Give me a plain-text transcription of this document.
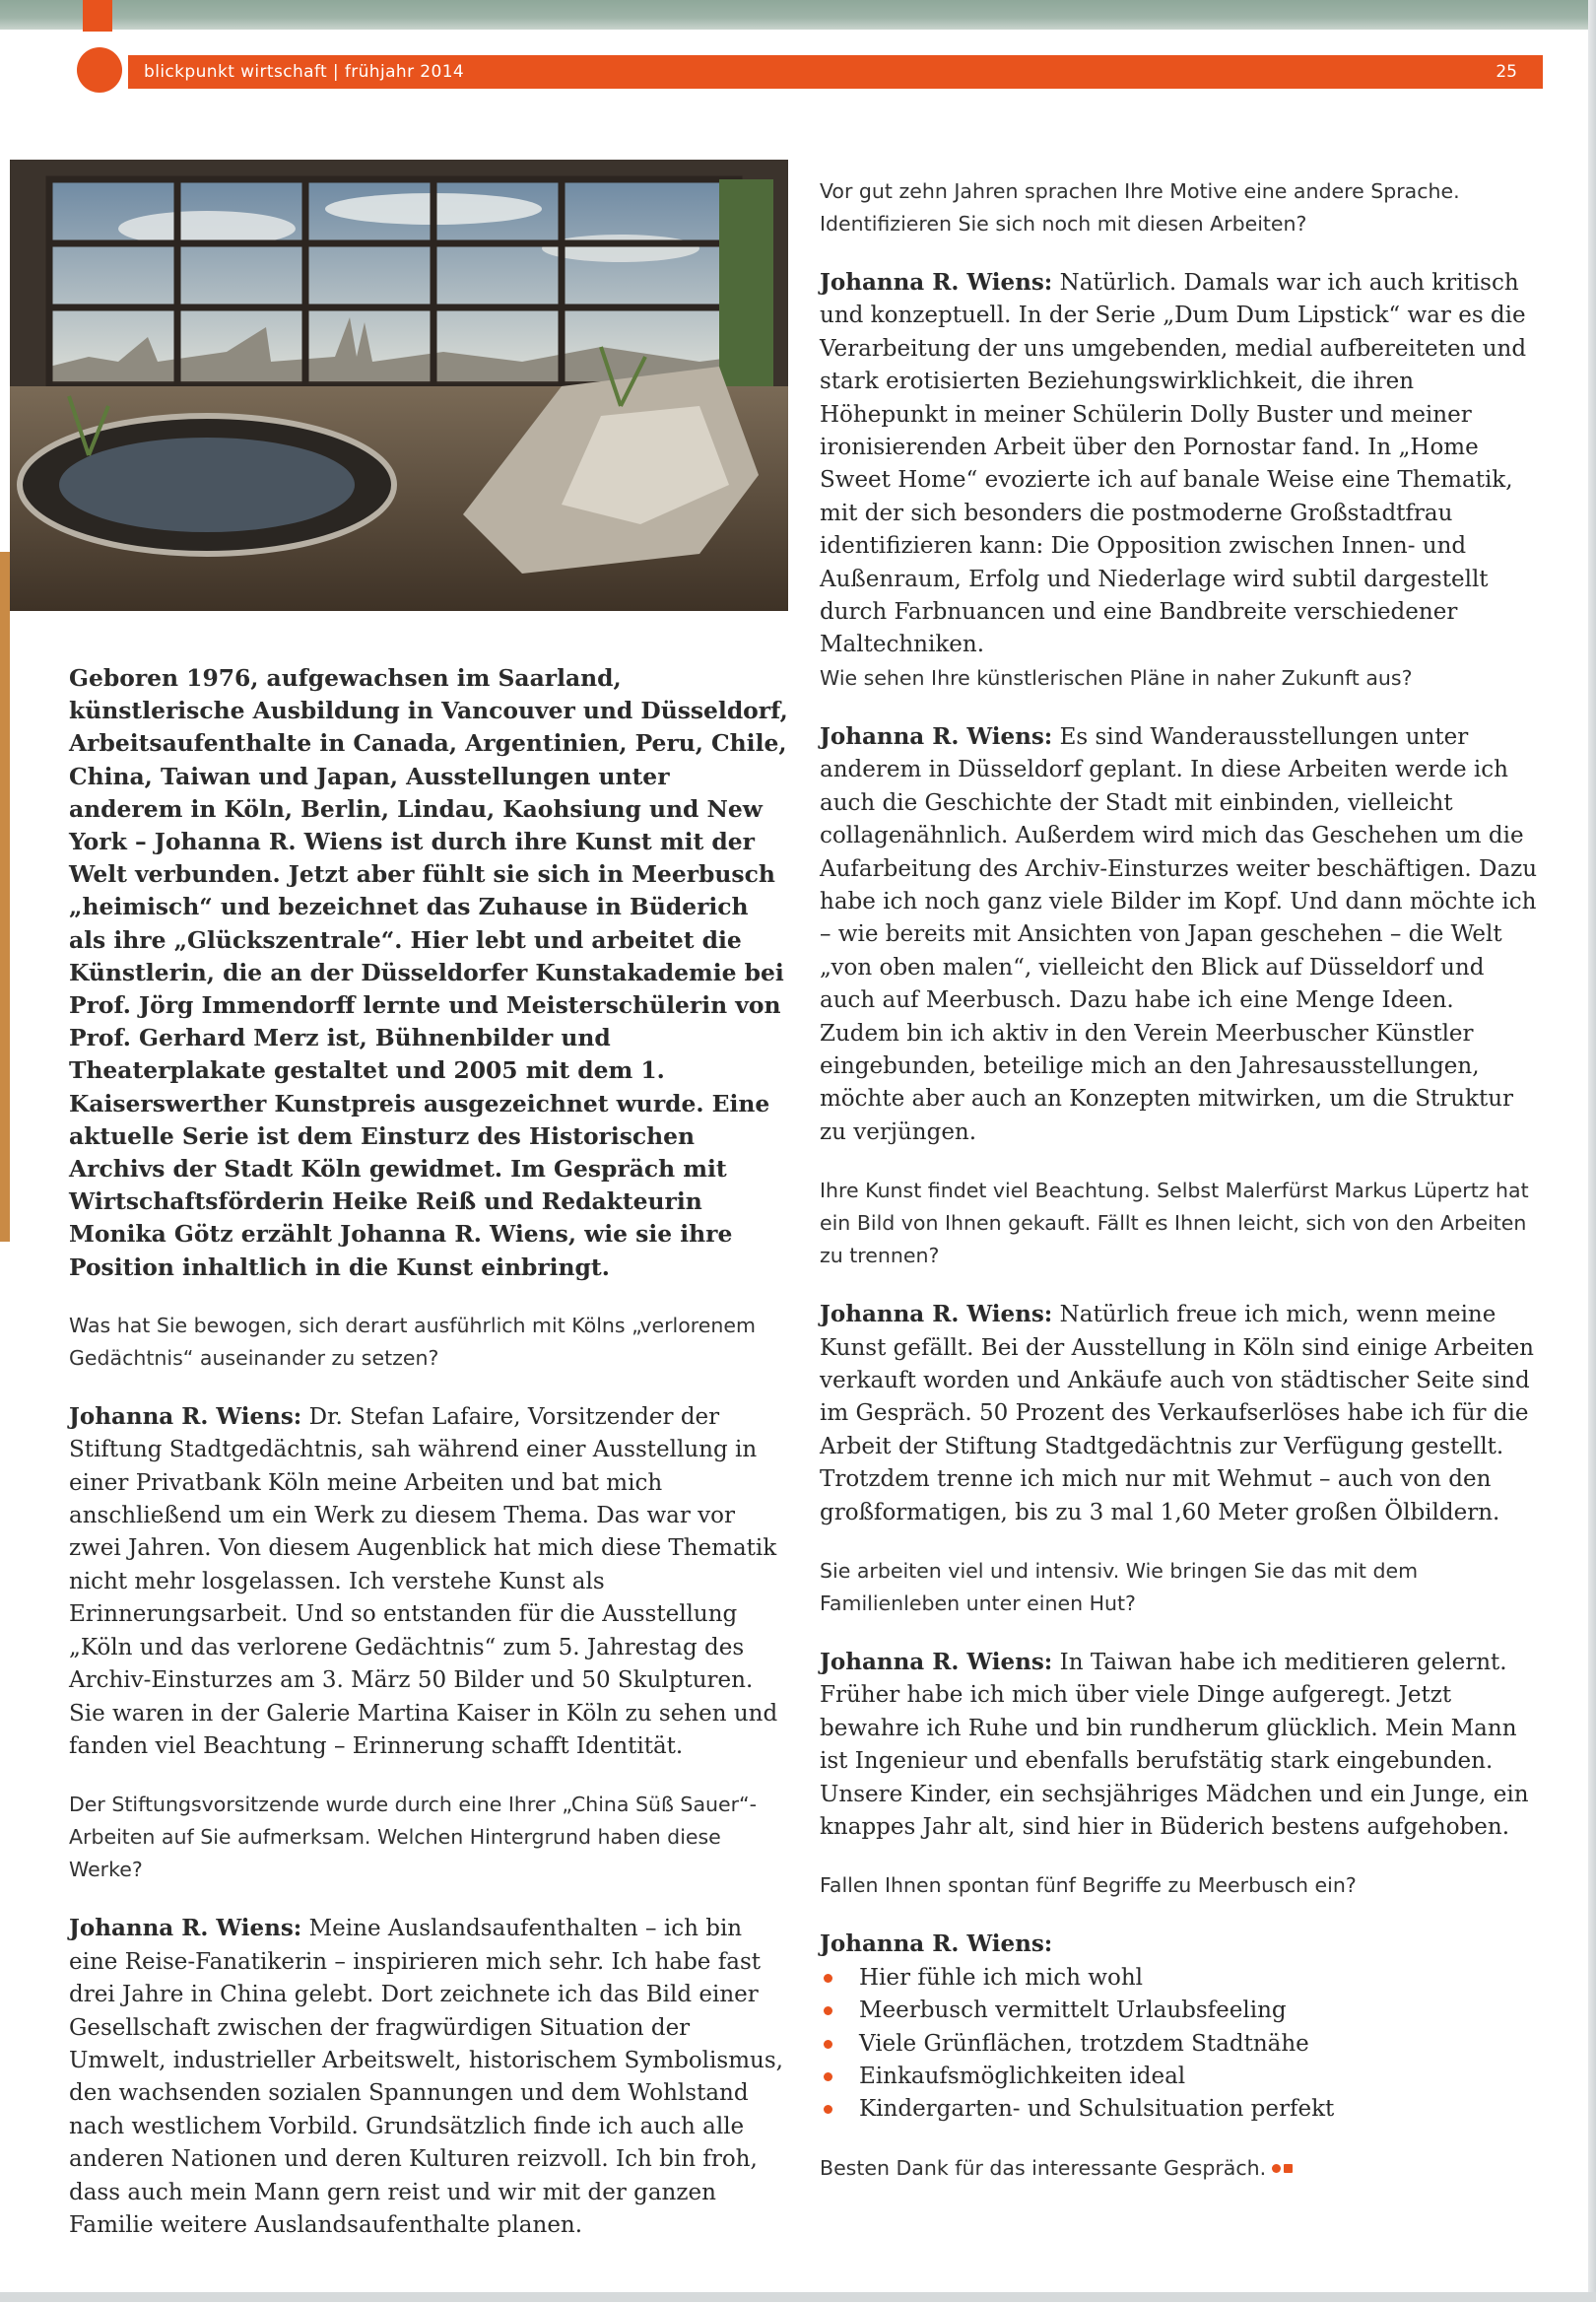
blickpunkt wirtschaft | frühjahr 2014	25

Geboren 1976, aufgewachsen im Saarland, künstlerische Ausbildung in Vancouver und Düsseldorf, Arbeitsaufenthalte in Canada, Argentinien, Peru, Chile, China, Taiwan und Japan, Ausstellungen unter anderem in Köln, Berlin, Lindau, Kaohsiung und New York – Johanna R. Wiens ist durch ihre Kunst mit der Welt verbunden. Jetzt aber fühlt sie sich in Meerbusch „heimisch“ und bezeichnet das Zuhause in Büderich als ihre „Glückszentrale“. Hier lebt und arbeitet die Künstlerin, die an der Düsseldorfer Kunstakademie bei Prof. Jörg Immendorff lernte und Meisterschülerin von Prof. Gerhard Merz ist, Bühnenbilder und Theaterplakate gestaltet und 2005 mit dem 1. Kaiserswerther Kunstpreis ausgezeichnet wurde. Eine aktuelle Serie ist dem Einsturz des Historischen Archivs der Stadt Köln gewidmet. Im Gespräch mit Wirtschaftsförderin Heike Reiß und Redakteurin Monika Götz erzählt Johanna R. Wiens, wie sie ihre Position inhaltlich in die Kunst einbringt.

Was hat Sie bewogen, sich derart ausführlich mit Kölns „verlorenem Gedächtnis“ auseinander zu setzen?

Johanna R. Wiens: Dr. Stefan Lafaire, Vorsitzender der Stiftung Stadtgedächtnis, sah während einer Ausstellung in einer Privatbank Köln meine Arbeiten und bat mich anschließend um ein Werk zu diesem Thema. Das war vor zwei Jahren. Von diesem Augenblick hat mich diese Thematik nicht mehr losgelassen. Ich verstehe Kunst als Erinnerungsarbeit. Und so entstanden für die Ausstellung „Köln und das verlorene Gedächtnis“ zum 5. Jahrestag des Archiv-Einsturzes am 3. März 50 Bilder und 50 Skulpturen. Sie waren in der Galerie Martina Kaiser in Köln zu sehen und fanden viel Beachtung – Erinnerung schafft Identität.

Der Stiftungsvorsitzende wurde durch eine Ihrer „China Süß Sauer“-Arbeiten auf Sie aufmerksam. Welchen Hintergrund haben diese Werke?

Johanna R. Wiens: Meine Auslandsaufenthalten – ich bin eine Reise-Fanatikerin – inspirieren mich sehr. Ich habe fast drei Jahre in China gelebt. Dort zeichnete ich das Bild einer Gesellschaft zwischen der fragwürdigen Situation der Umwelt, industrieller Arbeitswelt, historischem Symbolismus, den wachsenden sozialen Spannungen und dem Wohlstand nach westlichem Vorbild. Grundsätzlich finde ich auch alle anderen Nationen und deren Kulturen reizvoll. Ich bin froh, dass auch mein Mann gern reist und wir mit der ganzen Familie weitere Auslandsaufenthalte planen.

Vor gut zehn Jahren sprachen Ihre Motive eine andere Sprache. Identifizieren Sie sich noch mit diesen Arbeiten?

Johanna R. Wiens: Natürlich. Damals war ich auch kritisch und konzeptuell. In der Serie „Dum Dum Lipstick“ war es die Verarbeitung der uns umgebenden, medial aufbereiteten und stark erotisierten Beziehungswirklichkeit, die ihren Höhepunkt in meiner Schülerin Dolly Buster und meiner ironisierenden Arbeit über den Pornostar fand. In „Home Sweet Home“ evozierte ich auf banale Weise eine Thematik, mit der sich besonders die postmoderne Großstadtfrau identifizieren kann: Die Opposition zwischen Innen- und Außenraum, Erfolg und Niederlage wird subtil dargestellt durch Farbnuancen und eine Bandbreite verschiedener Maltechniken.

Wie sehen Ihre künstlerischen Pläne in naher Zukunft aus?

Johanna R. Wiens: Es sind Wanderausstellungen unter anderem in Düsseldorf geplant. In diese Arbeiten werde ich auch die Geschichte der Stadt mit einbinden, vielleicht collagenähnlich. Außerdem wird mich das Geschehen um die Aufarbeitung des Archiv-Einsturzes weiter beschäftigen. Dazu habe ich noch ganz viele Bilder im Kopf. Und dann möchte ich – wie bereits mit Ansichten von Japan geschehen – die Welt „von oben malen“, vielleicht den Blick auf Düsseldorf und auch auf Meerbusch. Dazu habe ich eine Menge Ideen. Zudem bin ich aktiv in den Verein Meerbuscher Künstler eingebunden, beteilige mich an den Jahresausstellungen, möchte aber auch an Konzepten mitwirken, um die Struktur zu verjüngen.

Ihre Kunst findet viel Beachtung. Selbst Malerfürst Markus Lüpertz hat ein Bild von Ihnen gekauft. Fällt es Ihnen leicht, sich von den Arbeiten zu trennen?

Johanna R. Wiens: Natürlich freue ich mich, wenn meine Kunst gefällt. Bei der Ausstellung in Köln sind einige Arbeiten verkauft worden und Ankäufe auch von städtischer Seite sind im Gespräch. 50 Prozent des Verkaufserlöses habe ich für die Arbeit der Stiftung Stadtgedächtnis zur Verfügung gestellt. Trotzdem trenne ich mich nur mit Wehmut – auch von den großformatigen, bis zu 3 mal 1,60 Meter großen Ölbildern.

Sie arbeiten viel und intensiv. Wie bringen Sie das mit dem Familienleben unter einen Hut?

Johanna R. Wiens: In Taiwan habe ich meditieren gelernt. Früher habe ich mich über viele Dinge aufgeregt. Jetzt bewahre ich Ruhe und bin rundherum glücklich. Mein Mann ist Ingenieur und ebenfalls berufstätig stark eingebunden. Unsere Kinder, ein sechsjähriges Mädchen und ein Junge, ein knappes Jahr alt, sind hier in Büderich bestens aufgehoben.

Fallen Ihnen spontan fünf Begriffe zu Meerbusch ein?

Johanna R. Wiens:

Hier fühle ich mich wohl
Meerbusch vermittelt Urlaubsfeeling
Viele Grünflächen, trotzdem Stadtnähe
Einkaufsmöglichkeiten ideal
Kindergarten- und Schulsituation perfekt

Besten Dank für das interessante Gespräch.
